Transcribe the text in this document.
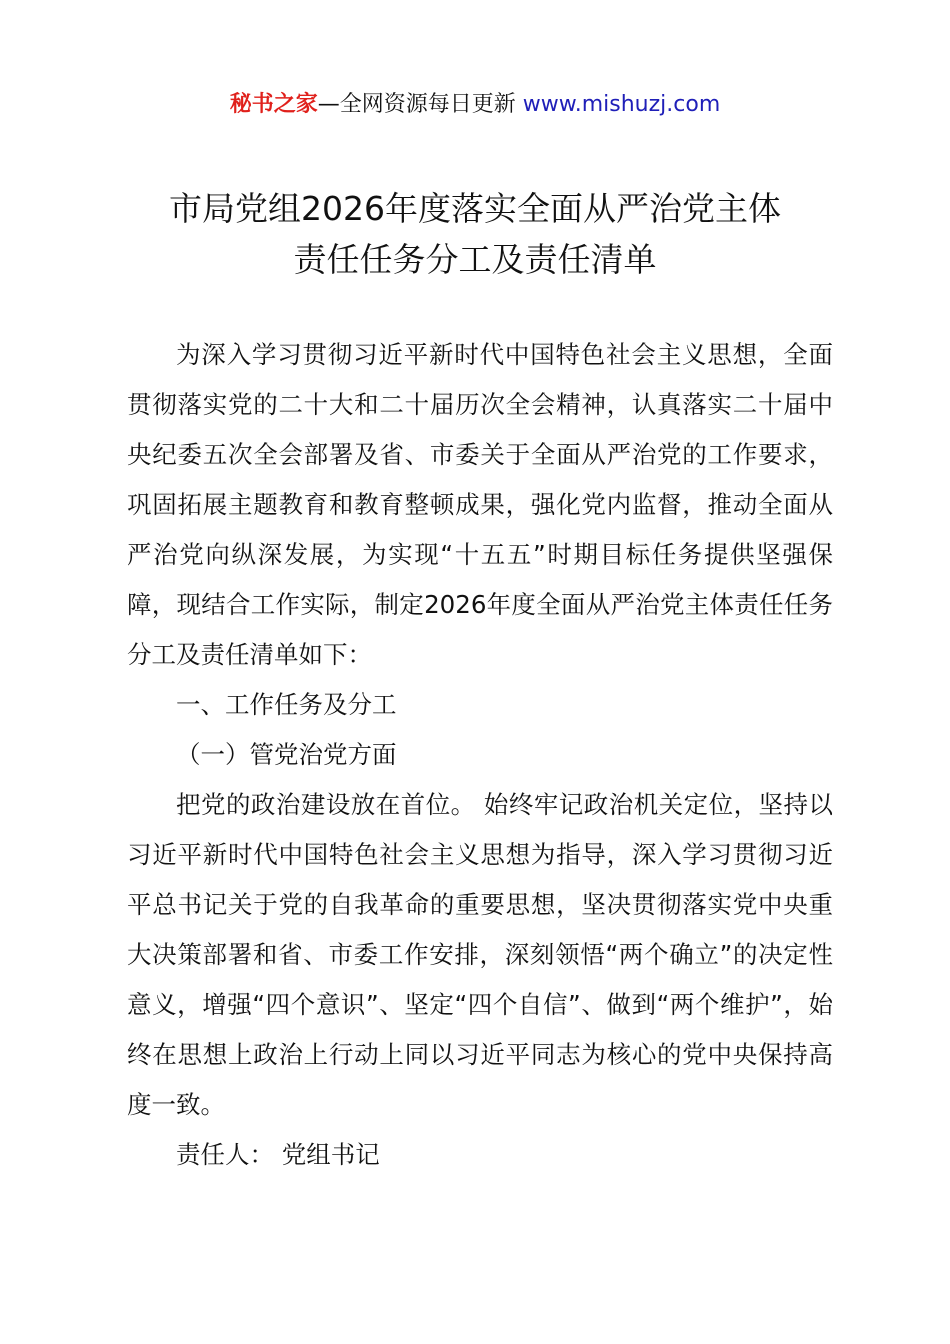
秘书之家—全网资源每日更新 www.mishuzj.com
市局党组2026年度落实全面从严治党主体
责任任务分工及责任清单

为深入学习贯彻习近平新时代中国特色社会主义思想，全面贯彻落实党的二十大和二十届历次全会精神，认真落实二十届中央纪委五次全会部署及省、市委关于全面从严治党的工作要求，巩固拓展主题教育和教育整顿成果，强化党内监督，推动全面从严治党向纵深发展，为实现“十五五”时期目标任务提供坚强保障，现结合工作实际，制定2026年度全面从严治党主体责任任务分工及责任清单如下：

一、工作任务及分工

（一）管党治党方面

把党的政治建设放在首位。 始终牢记政治机关定位，坚持以习近平新时代中国特色社会主义思想为指导，深入学习贯彻习近平总书记关于党的自我革命的重要思想，坚决贯彻落实党中央重大决策部署和省、市委工作安排，深刻领悟“两个确立”的决定性意义，增强“四个意识”、坚定“四个自信”、做到“两个维护”，始终在思想上政治上行动上同以习近平同志为核心的党中央保持高度一致。

责任人： 党组书记
